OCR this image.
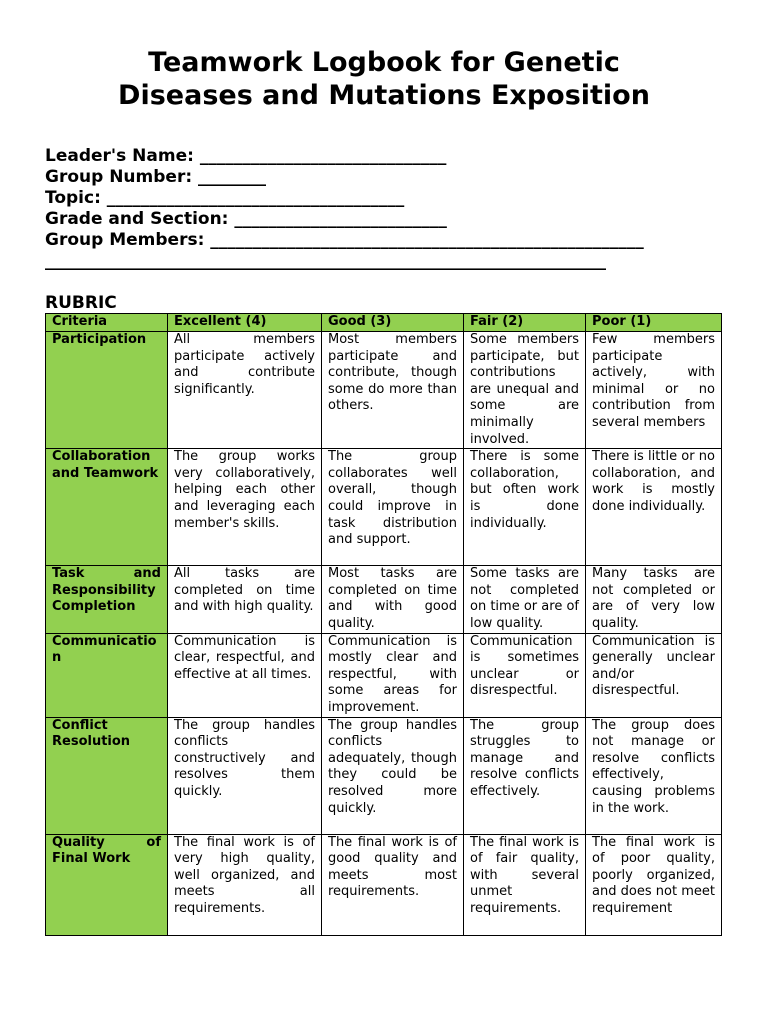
Teamwork Logbook for Genetic
Diseases and Mutations Exposition
Leader's Name: _____________________________
Group Number: ________
Topic: ___________________________________
Grade and Section: _________________________
Group Members: ___________________________________________________
__________________________________________________________________
RUBRIC
Criteria	Excellent (4)	Good (3)	Fair (2)	Poor (1)
Participation	All members participate actively and contribute significantly.	Most members participate and contribute, though some do more than others.	Some members participate, but contributions are unequal and some are minimally involved.	Few members participate actively, with minimal or no contribution from several members
Collaboration and Teamwork	The group works very collaboratively, helping each other and leveraging each member's skills.	The group collaborates well overall, though could improve in task distribution and support.	There is some collaboration, but often work is done individually.	There is little or no collaboration, and work is mostly done individually.
Task and Responsibility Completion	All tasks are completed on time and with high quality.	Most tasks are completed on time and with good quality.	Some tasks are not completed on time or are of low quality.	Many tasks are not completed or are of very low quality.
Communication	Communication is clear, respectful, and effective at all times.	Communication is mostly clear and respectful, with some areas for improvement.	Communication is sometimes unclear or disrespectful.	Communication is generally unclear and/or disrespectful.
Conflict Resolution	The group handles conflicts constructively and resolves them quickly.	The group handles conflicts adequately, though they could be resolved more quickly.	The group struggles to manage and resolve conflicts effectively.	The group does not manage or resolve conflicts effectively, causing problems in the work.
Quality of Final Work	The final work is of very high quality, well organized, and meets all requirements.	The final work is of good quality and meets most requirements.	The final work is of fair quality, with several unmet requirements.	The final work is of poor quality, poorly organized, and does not meet requirement
